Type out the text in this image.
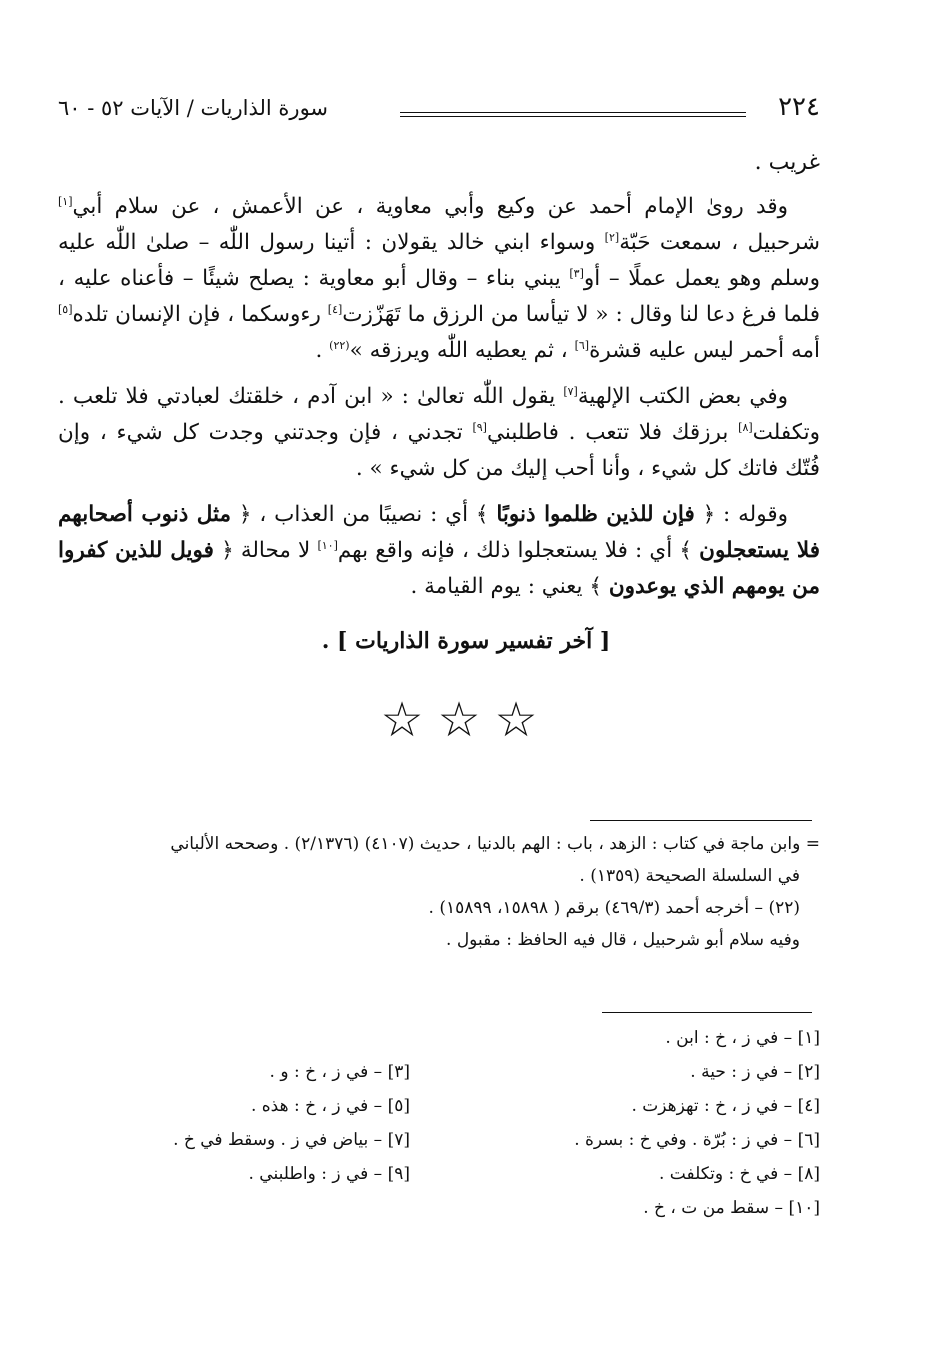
٢٢٤
سورة الذاريات / الآيات ٥٢ - ٦٠

غريب .

وقد روىٰ الإمام أحمد عن وكيع وأبي معاوية ، عن الأعمش ، عن سلام أبي[١] شرحبيل ، سمعت حَبّة[٢] وسواء ابني خالد يقولان : أتينا رسول اللّٰه – صلىٰ اللّٰه عليه وسلم وهو يعمل عملًا – أو[٣] يبني بناء – وقال أبو معاوية : يصلح شيئًا – فأعناه عليه ، فلما فرغ دعا لنا وقال : « لا تيأسا من الرزق ما تَهَزّزت[٤] رءوسكما ، فإن الإنسان تلده[٥] أمه أحمر ليس عليه قشرة[٦] ، ثم يعطيه اللّٰه ويرزقه »$^{(٢٢)}$ .

وفي بعض الكتب الإلهية[٧] يقول اللّٰه تعالىٰ : « ابن آدم ، خلقتك لعبادتي فلا تلعب . وتكفلت[٨] برزقك فلا تتعب . فاطلبني[٩] تجدني ، فإن وجدتني وجدت كل شيء ، وإن فُتّك فاتك كل شيء ، وأنا أحب إليك من كل شيء » .

وقوله : ﴿ فإن للذين ظلموا ذنوبًا ﴾ أي : نصيبًا من العذاب ، ﴿ مثل ذنوب أصحابهم فلا يستعجلون ﴾ أي : فلا يستعجلوا ذلك ، فإنه واقع بهم[١٠] لا محالة ﴿ فويل للذين كفروا من يومهم الذي يوعدون ﴾ يعني : يوم القيامة .

[ آخر تفسير سورة الذاريات ] .
☆☆☆

= وابن ماجة في كتاب : الزهد ، باب : الهم بالدنيا ، حديث (٤١٠٧) (٢/١٣٧٦) . وصححه الألباني

في السلسلة الصحيحة (١٣٥٩) .

(٢٢) – أخرجه أحمد (٤٦٩/٣) برقم ( ١٥٨٩٨، ١٥٨٩٩) .

وفيه سلام أبو شرحبيل ، قال فيه الحافظ : مقبول .

[١] – في ز ، خ : ابن .
[٢] – في ز : حية .
[٣] – في ز ، خ : و .
[٤] – في ز ، خ : تهزهزت .
[٥] – في ز ، خ : هذه .
[٦] – في ز : بُرّة . وفي خ : بسرة .
[٧] – بياض في ز . وسقط في خ .
[٨] – في خ : وتكلفت .
[٩] – في ز : واطلبني .
[١٠] – سقط من ت ، خ .
